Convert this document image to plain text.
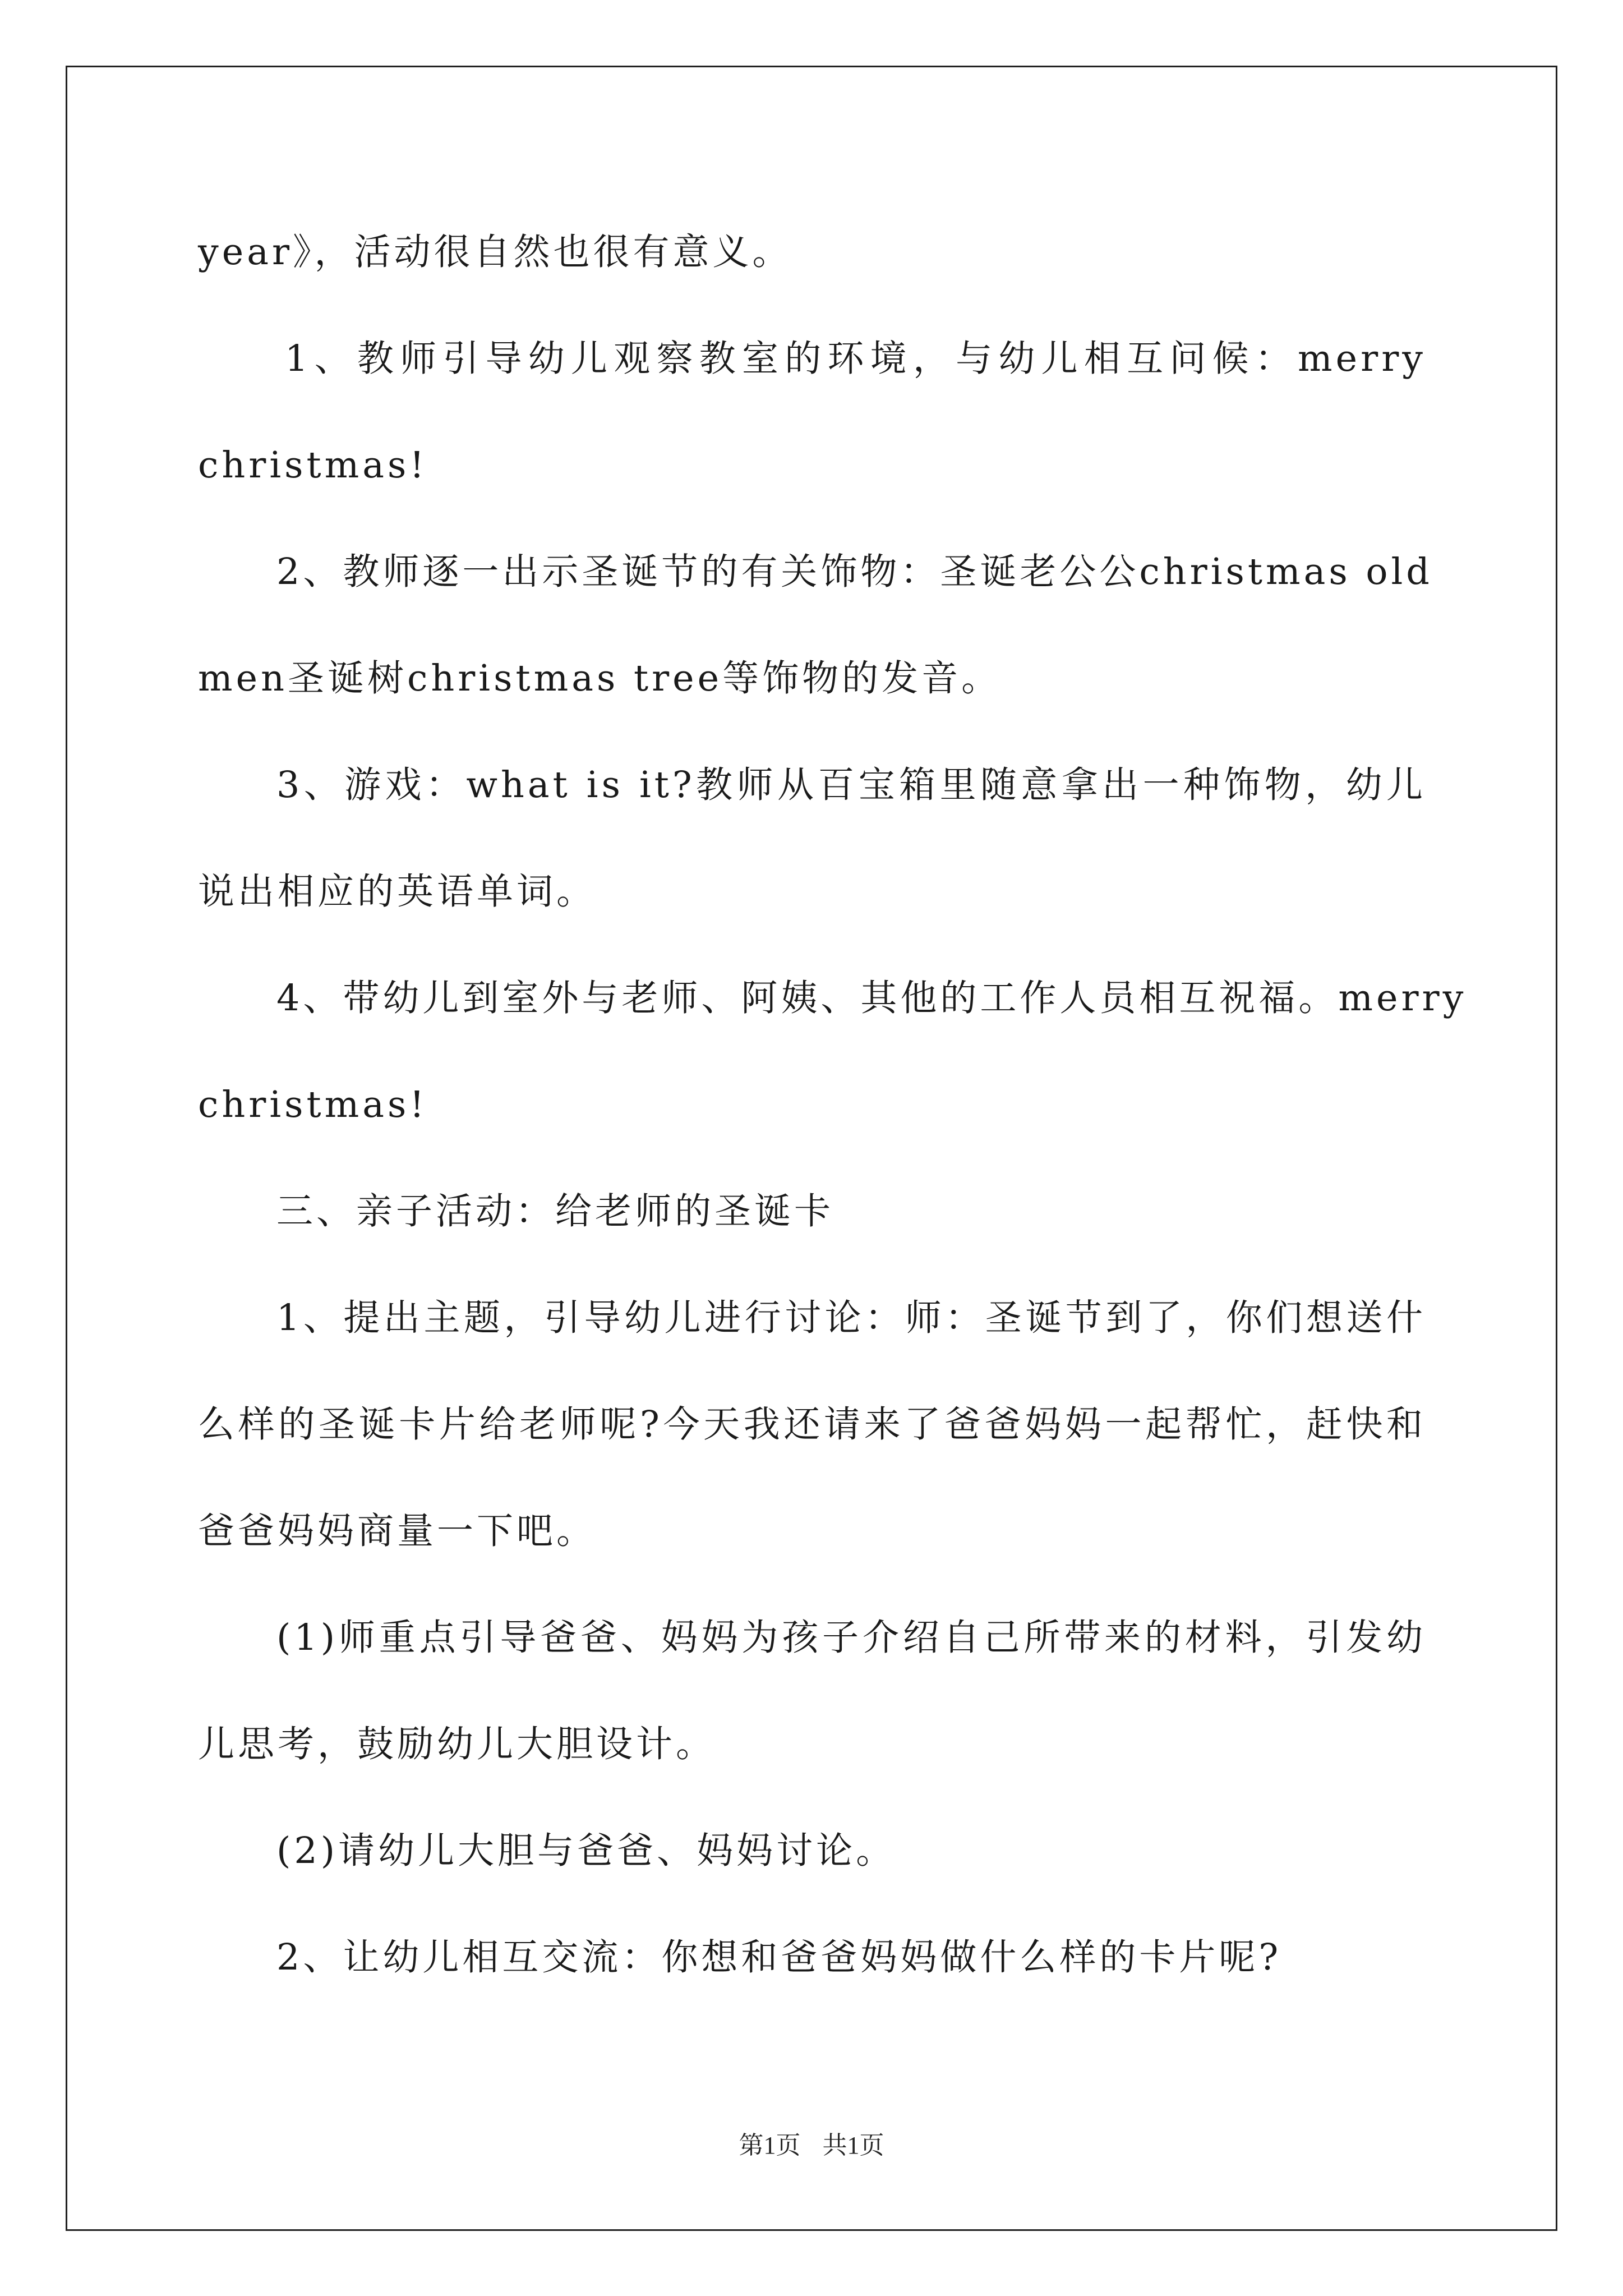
year》，活动很自然也很有意义。
1、教师引导幼儿观察教室的环境，与幼儿相互问候：merry
christmas!
2、教师逐一出示圣诞节的有关饰物：圣诞老公公christmas old
men圣诞树christmas tree等饰物的发音。
3、游戏：what is it?教师从百宝箱里随意拿出一种饰物，幼儿
说出相应的英语单词。
4、带幼儿到室外与老师、阿姨、其他的工作人员相互祝福。merry
christmas!
三、亲子活动：给老师的圣诞卡
1、提出主题，引导幼儿进行讨论：师：圣诞节到了，你们想送什
么样的圣诞卡片给老师呢?今天我还请来了爸爸妈妈一起帮忙，赶快和
爸爸妈妈商量一下吧。
(1)师重点引导爸爸、妈妈为孩子介绍自己所带来的材料，引发幼
儿思考，鼓励幼儿大胆设计。
(2)请幼儿大胆与爸爸、妈妈讨论。
2、让幼儿相互交流：你想和爸爸妈妈做什么样的卡片呢?
第1页 共1页
